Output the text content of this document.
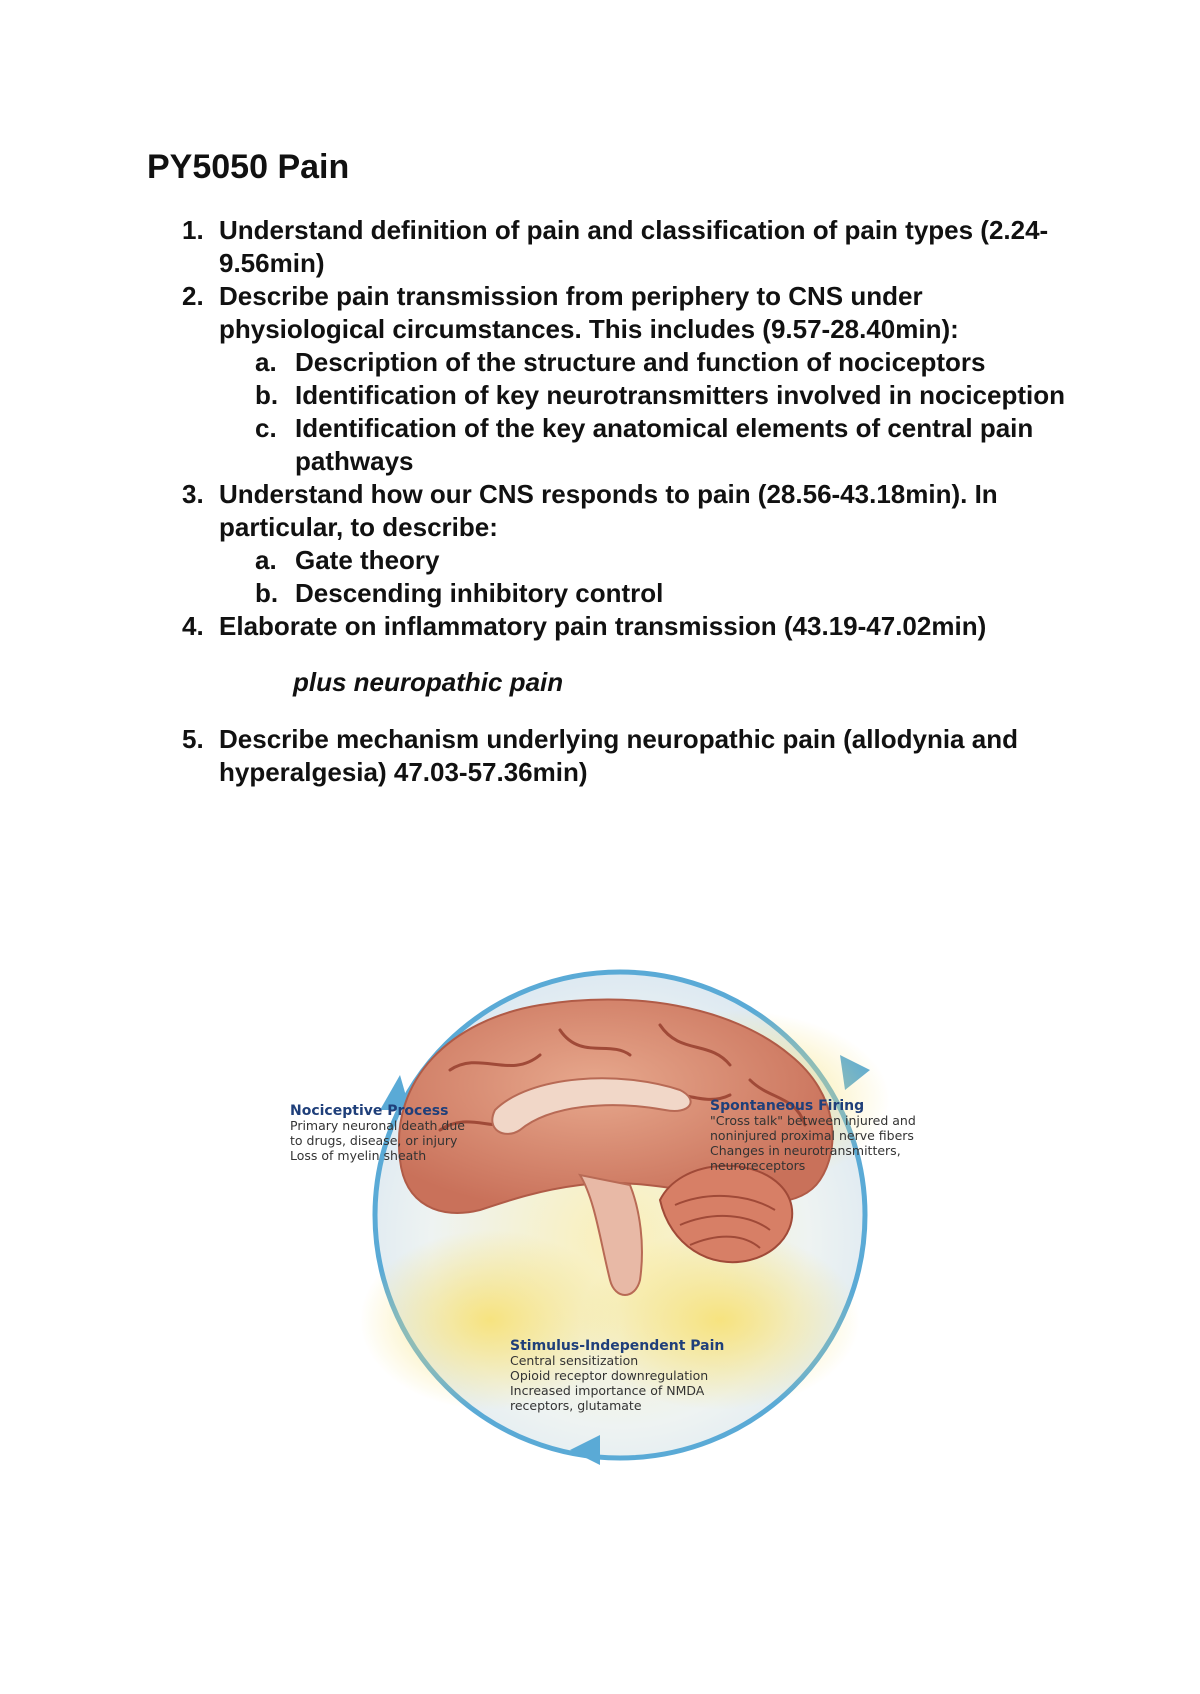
PY5050 Pain
1. Understand definition of pain and classification of pain types (2.24-9.56min)
2. Describe pain transmission from periphery to CNS under physiological circumstances. This includes (9.57-28.40min):
a. Description of the structure and function of nociceptors
b. Identification of key neurotransmitters involved in nociception
c. Identification of the key anatomical elements of central pain pathways
3. Understand how our CNS responds to pain (28.56-43.18min). In particular, to describe:
a. Gate theory
b. Descending inhibitory control
4. Elaborate on inflammatory pain transmission (43.19-47.02min)
plus neuropathic pain
5. Describe mechanism underlying neuropathic pain (allodynia and hyperalgesia) 47.03-57.36min)
Nociceptive Process
Primary neuronal death due
to drugs, disease, or injury
Loss of myelin sheath
Spontaneous Firing
"Cross talk" between injured and
noninjured proximal nerve fibers
Changes in neurotransmitters,
neuroreceptors
Stimulus-Independent Pain
Central sensitization
Opioid receptor downregulation
Increased importance of NMDA
receptors, glutamate
